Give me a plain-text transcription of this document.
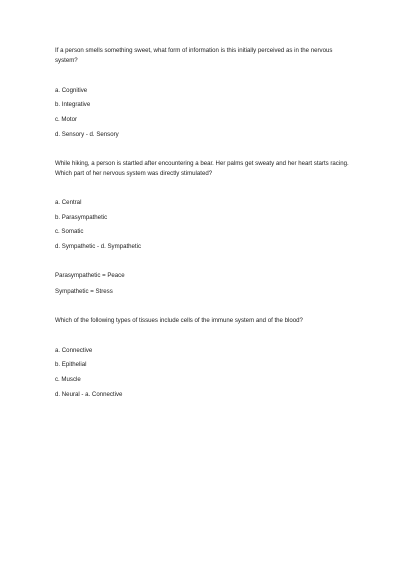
If a person smells something sweet, what form of information is this initially perceived as in the nervous system?

a. Cognitive

b. Integrative

c. Motor

d. Sensory - d. Sensory

While hiking, a person is startled after encountering a bear. Her palms get sweaty and her heart starts racing. Which part of her nervous system was directly stimulated?

a. Central

b. Parasympathetic

c. Somatic

d. Sympathetic - d. Sympathetic

Parasympathetic = Peace

Sympathetic = Stress

Which of the following types of tissues include cells of the immune system and of the blood?

a. Connective

b. Epithelial

c. Muscle

d. Neural - a. Connective
